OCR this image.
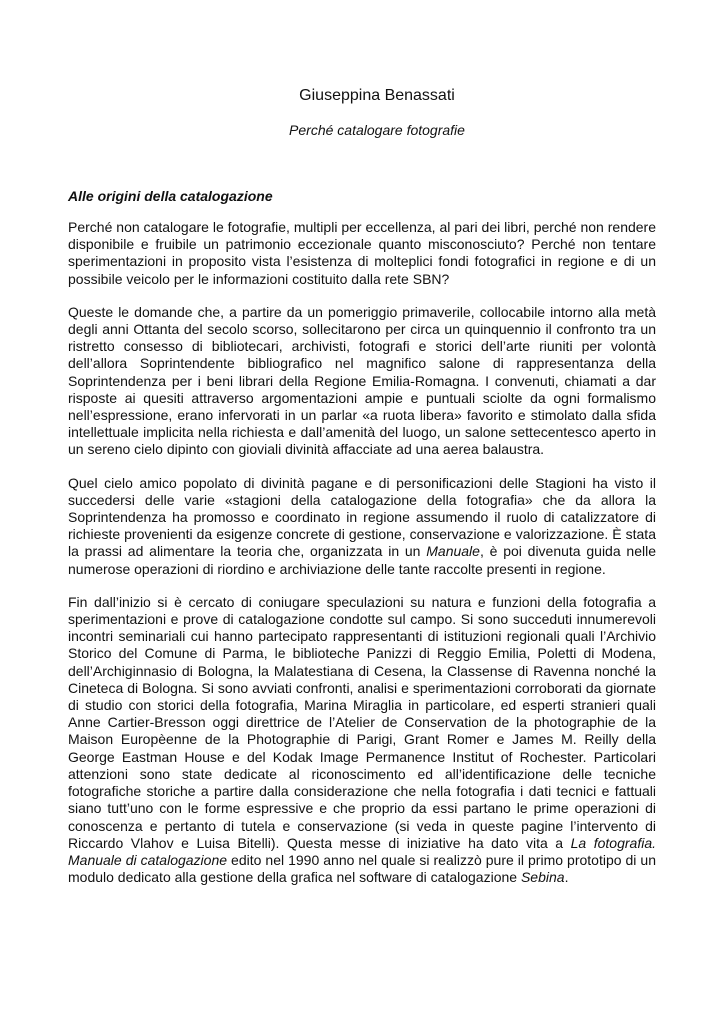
Giuseppina Benassati
Perché catalogare fotografie
Alle origini della catalogazione

Perché non catalogare le fotografie, multipli per eccellenza, al pari dei libri, perché non rendere disponibile e fruibile un patrimonio eccezionale quanto misconosciuto? Perché non tentare sperimentazioni in proposito vista l’esistenza di molteplici fondi fotografici in regione e di un possibile veicolo per le informazioni costituito dalla rete SBN?

Queste le domande che, a partire da un pomeriggio primaverile, collocabile intorno alla metà degli anni Ottanta del secolo scorso, sollecitarono per circa un quinquennio il confronto tra un ristretto consesso di bibliotecari, archivisti, fotografi e storici dell’arte riuniti per volontà dell’allora Soprintendente bibliografico nel magnifico salone di rappresentanza della Soprintendenza per i beni librari della Regione Emilia-Romagna. I convenuti, chiamati a dar risposte ai quesiti attraverso argomentazioni ampie e puntuali sciolte da ogni formalismo nell’espressione, erano infervorati in un parlar «a ruota libera» favorito e stimolato dalla sfida intellettuale implicita nella richiesta e dall’amenità del luogo, un salone settecentesco aperto in un sereno cielo dipinto con gioviali divinità affacciate ad una aerea balaustra.

Quel cielo amico popolato di divinità pagane e di personificazioni delle Stagioni ha visto il succedersi delle varie «stagioni della catalogazione della fotografia» che da allora la Soprintendenza ha promosso e coordinato in regione assumendo il ruolo di catalizzatore di richieste provenienti da esigenze concrete di gestione, conservazione e valorizzazione. È stata la prassi ad alimentare la teoria che, organizzata in un Manuale, è poi divenuta guida nelle numerose operazioni di riordino e archiviazione delle tante raccolte presenti in regione.

Fin dall’inizio si è cercato di coniugare speculazioni su natura e funzioni della fotografia a sperimentazioni e prove di catalogazione condotte sul campo. Si sono succeduti innumerevoli incontri seminariali cui hanno partecipato rappresentanti di istituzioni regionali quali l’Archivio Storico del Comune di Parma, le biblioteche Panizzi di Reggio Emilia, Poletti di Modena, dell’Archiginnasio di Bologna, la Malatestiana di Cesena, la Classense di Ravenna nonché la Cineteca di Bologna. Si sono avviati confronti, analisi e sperimentazioni corroborati da giornate di studio con storici della fotografia, Marina Miraglia in particolare, ed esperti stranieri quali Anne Cartier-Bresson oggi direttrice de l’Atelier de Conservation de la photographie de la Maison Europèenne de la Photographie di Parigi, Grant Romer e James M. Reilly della George Eastman House e del Kodak Image Permanence Institut of Rochester. Particolari attenzioni sono state dedicate al riconoscimento ed all’identificazione delle tecniche fotografiche storiche a partire dalla considerazione che nella fotografia i dati tecnici e fattuali siano tutt’uno con le forme espressive e che proprio da essi partano le prime operazioni di conoscenza e pertanto di tutela e conservazione (si veda in queste pagine l’intervento di Riccardo Vlahov e Luisa Bitelli). Questa messe di iniziative ha dato vita a La fotografia. Manuale di catalogazione edito nel 1990 anno nel quale si realizzò pure il primo prototipo di un modulo dedicato alla gestione della grafica nel software di catalogazione Sebina.
